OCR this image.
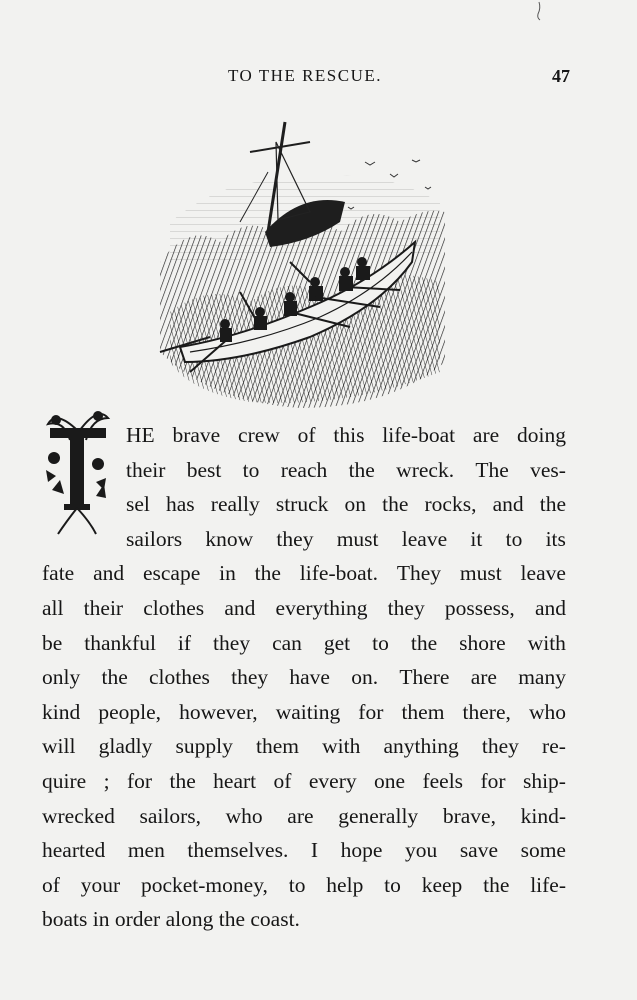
TO THE RESCUE.	47
HE brave crew of this life-boat are doing
their best to reach the wreck. The ves-
sel has really struck on the rocks, and the
sailors know they must leave it to its
fate and escape in the life-boat. They must leave
all their clothes and everything they possess, and
be thankful if they can get to the shore with
only the clothes they have on. There are many
kind people, however, waiting for them there, who
will gladly supply them with anything they re-
quire ; for the heart of every one feels for ship-
wrecked sailors, who are generally brave, kind-
hearted men themselves. I hope you save some
of your pocket-money, to help to keep the life-
boats in order along the coast.
